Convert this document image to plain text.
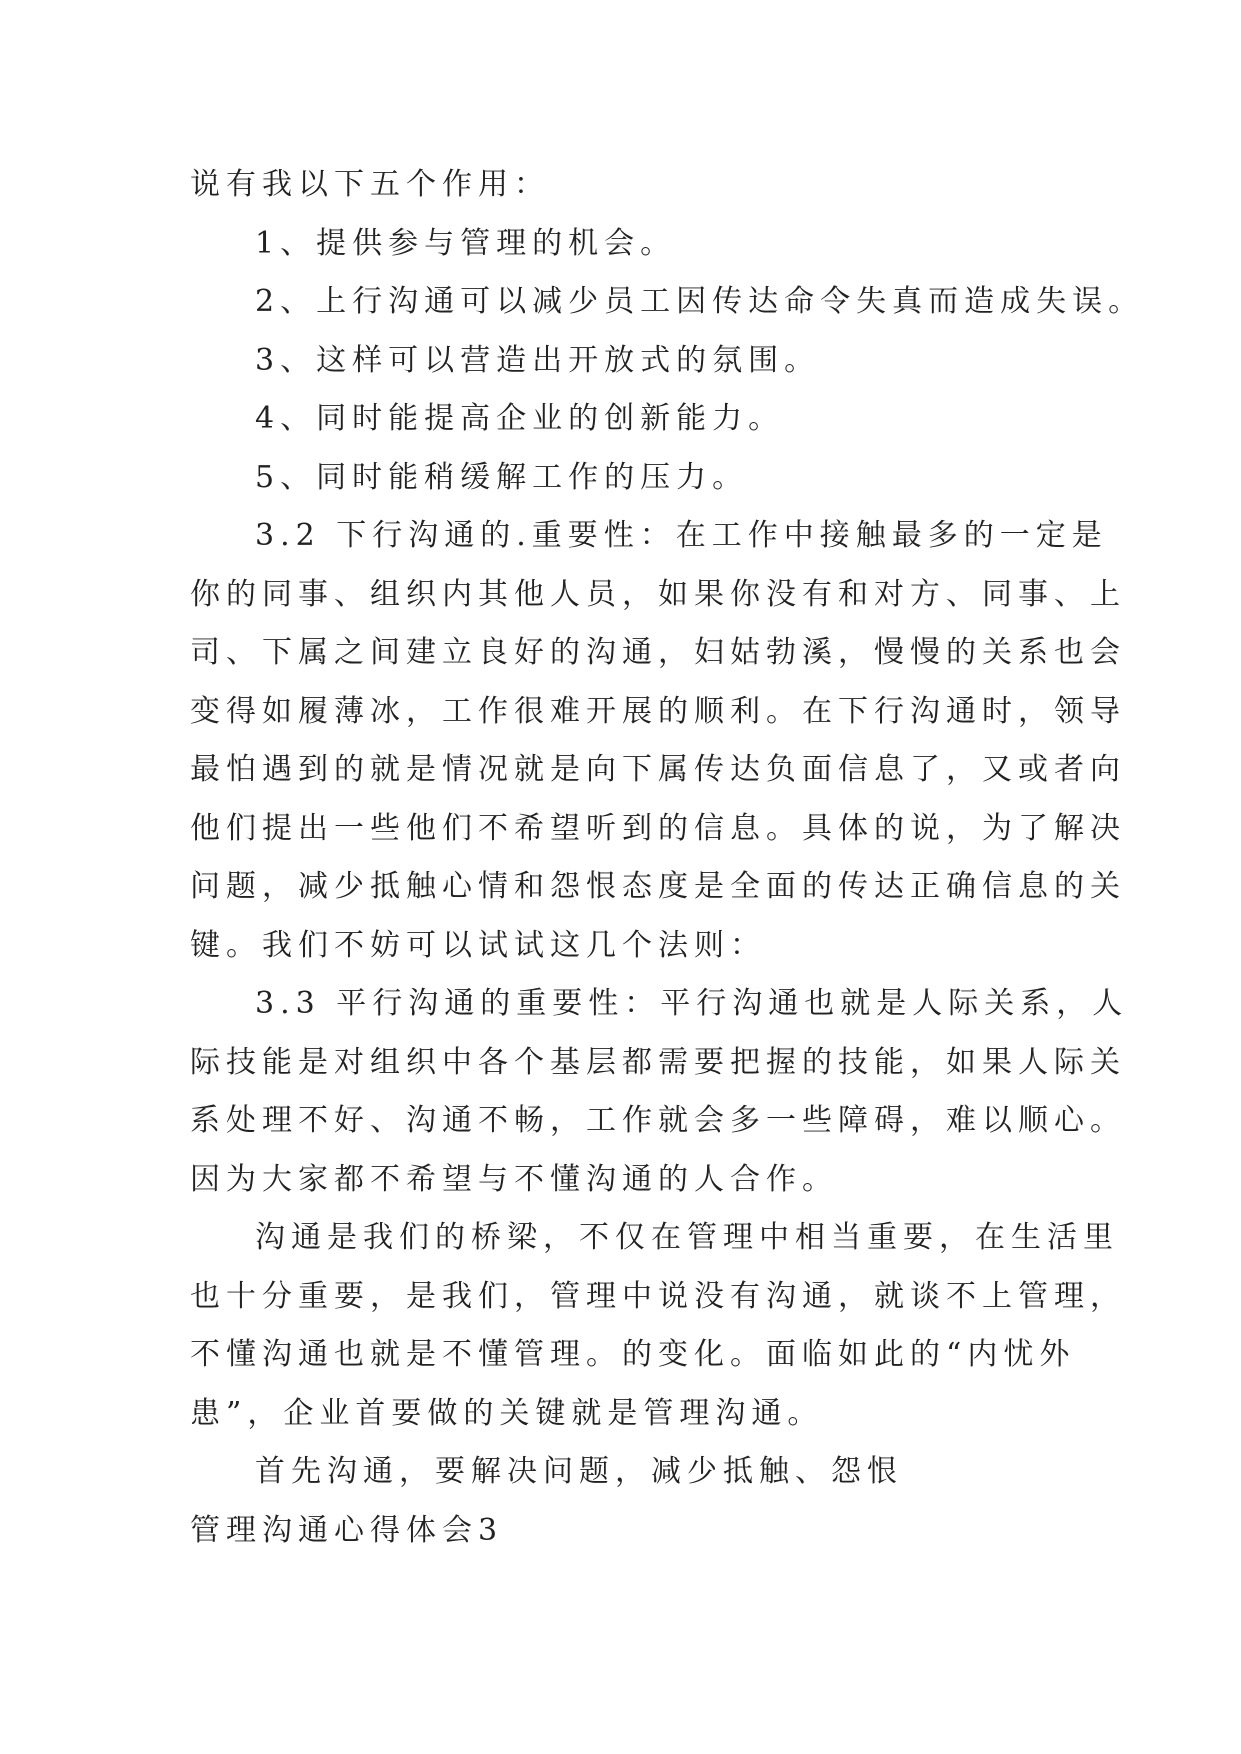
说有我以下五个作用：
1、提供参与管理的机会。
2、上行沟通可以减少员工因传达命令失真而造成失误。
3、这样可以营造出开放式的氛围。
4、同时能提高企业的创新能力。
5、同时能稍缓解工作的压力。
3.2 下行沟通的.重要性：在工作中接触最多的一定是
你的同事、组织内其他人员，如果你没有和对方、同事、上
司、下属之间建立良好的沟通，妇姑勃溪，慢慢的关系也会
变得如履薄冰，工作很难开展的顺利。在下行沟通时，领导
最怕遇到的就是情况就是向下属传达负面信息了，又或者向
他们提出一些他们不希望听到的信息。具体的说，为了解决
问题，减少抵触心情和怨恨态度是全面的传达正确信息的关
键。我们不妨可以试试这几个法则：
3.3 平行沟通的重要性：平行沟通也就是人际关系，人
际技能是对组织中各个基层都需要把握的技能，如果人际关
系处理不好、沟通不畅，工作就会多一些障碍，难以顺心。
因为大家都不希望与不懂沟通的人合作。
沟通是我们的桥梁，不仅在管理中相当重要，在生活里
也十分重要，是我们，管理中说没有沟通，就谈不上管理，
不懂沟通也就是不懂管理。的变化。面临如此的“内忧外
患”，企业首要做的关键就是管理沟通。
首先沟通，要解决问题，减少抵触、怨恨
管理沟通心得体会3
